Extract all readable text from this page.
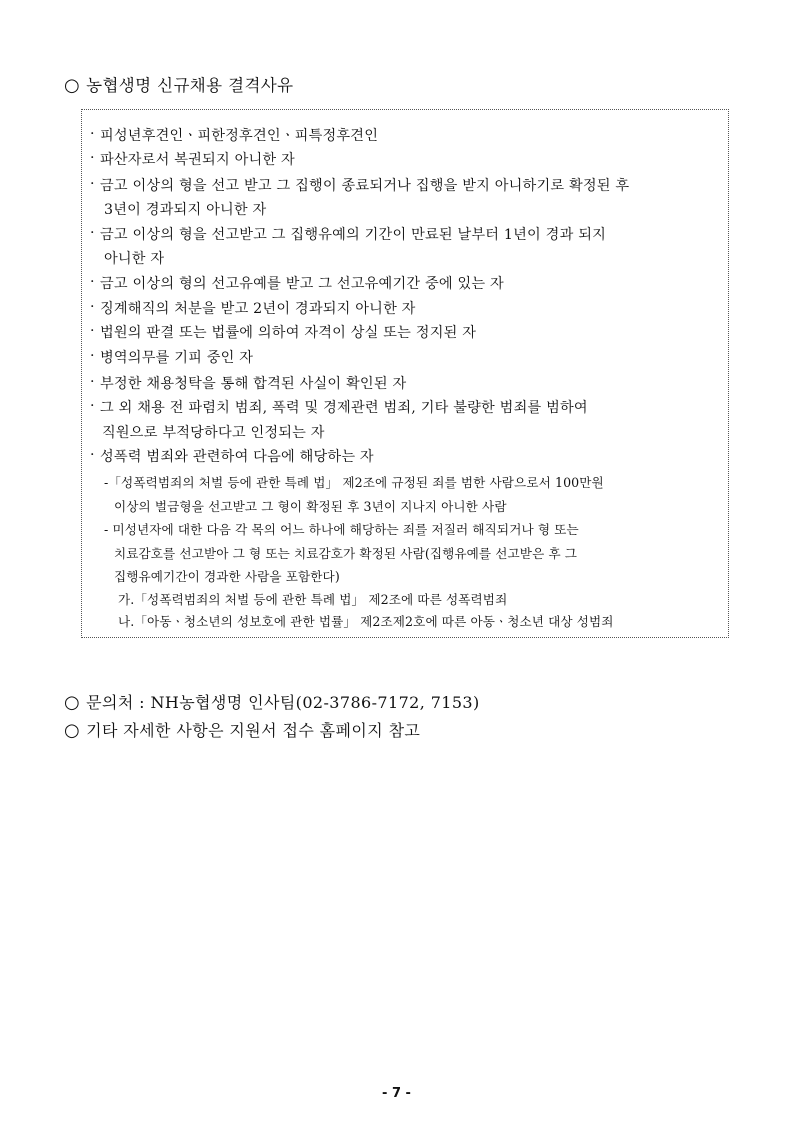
○ 농협생명 신규채용 결격사유
· 피성년후견인ㆍ피한정후견인ㆍ피특정후견인
· 파산자로서 복권되지 아니한 자
· 금고 이상의 형을 선고 받고 그 집행이 종료되거나 집행을 받지 아니하기로 확정된 후
3년이 경과되지 아니한 자
· 금고 이상의 형을 선고받고 그 집행유예의 기간이 만료된 날부터 1년이 경과 되지
아니한 자
· 금고 이상의 형의 선고유예를 받고 그 선고유예기간 중에 있는 자
· 징계해직의 처분을 받고 2년이 경과되지 아니한 자
· 법원의 판결 또는 법률에 의하여 자격이 상실 또는 정지된 자
· 병역의무를 기피 중인 자
· 부정한 채용청탁을 통해 합격된 사실이 확인된 자
· 그 외 채용 전 파렴치 범죄, 폭력 및 경제관련 범죄, 기타 불량한 범죄를 범하여
직원으로 부적당하다고 인정되는 자
· 성폭력 범죄와 관련하여 다음에 해당하는 자
-「성폭력범죄의 처벌 등에 관한 특례 법」 제2조에 규정된 죄를 범한 사람으로서 100만원
이상의 벌금형을 선고받고 그 형이 확정된 후 3년이 지나지 아니한 사람
- 미성년자에 대한 다음 각 목의 어느 하나에 해당하는 죄를 저질러 해직되거나 형 또는
치료감호를 선고받아 그 형 또는 치료감호가 확정된 사람(집행유예를 선고받은 후 그
집행유예기간이 경과한 사람을 포함한다)
가.「성폭력범죄의 처벌 등에 관한 특례 법」 제2조에 따른 성폭력범죄
나.「아동ㆍ청소년의 성보호에 관한 법률」 제2조제2호에 따른 아동ㆍ청소년 대상 성범죄
○ 문의처 : NH농협생명 인사팀(02-3786-7172, 7153)
○ 기타 자세한 사항은 지원서 접수 홈페이지 참고
- 7 -
